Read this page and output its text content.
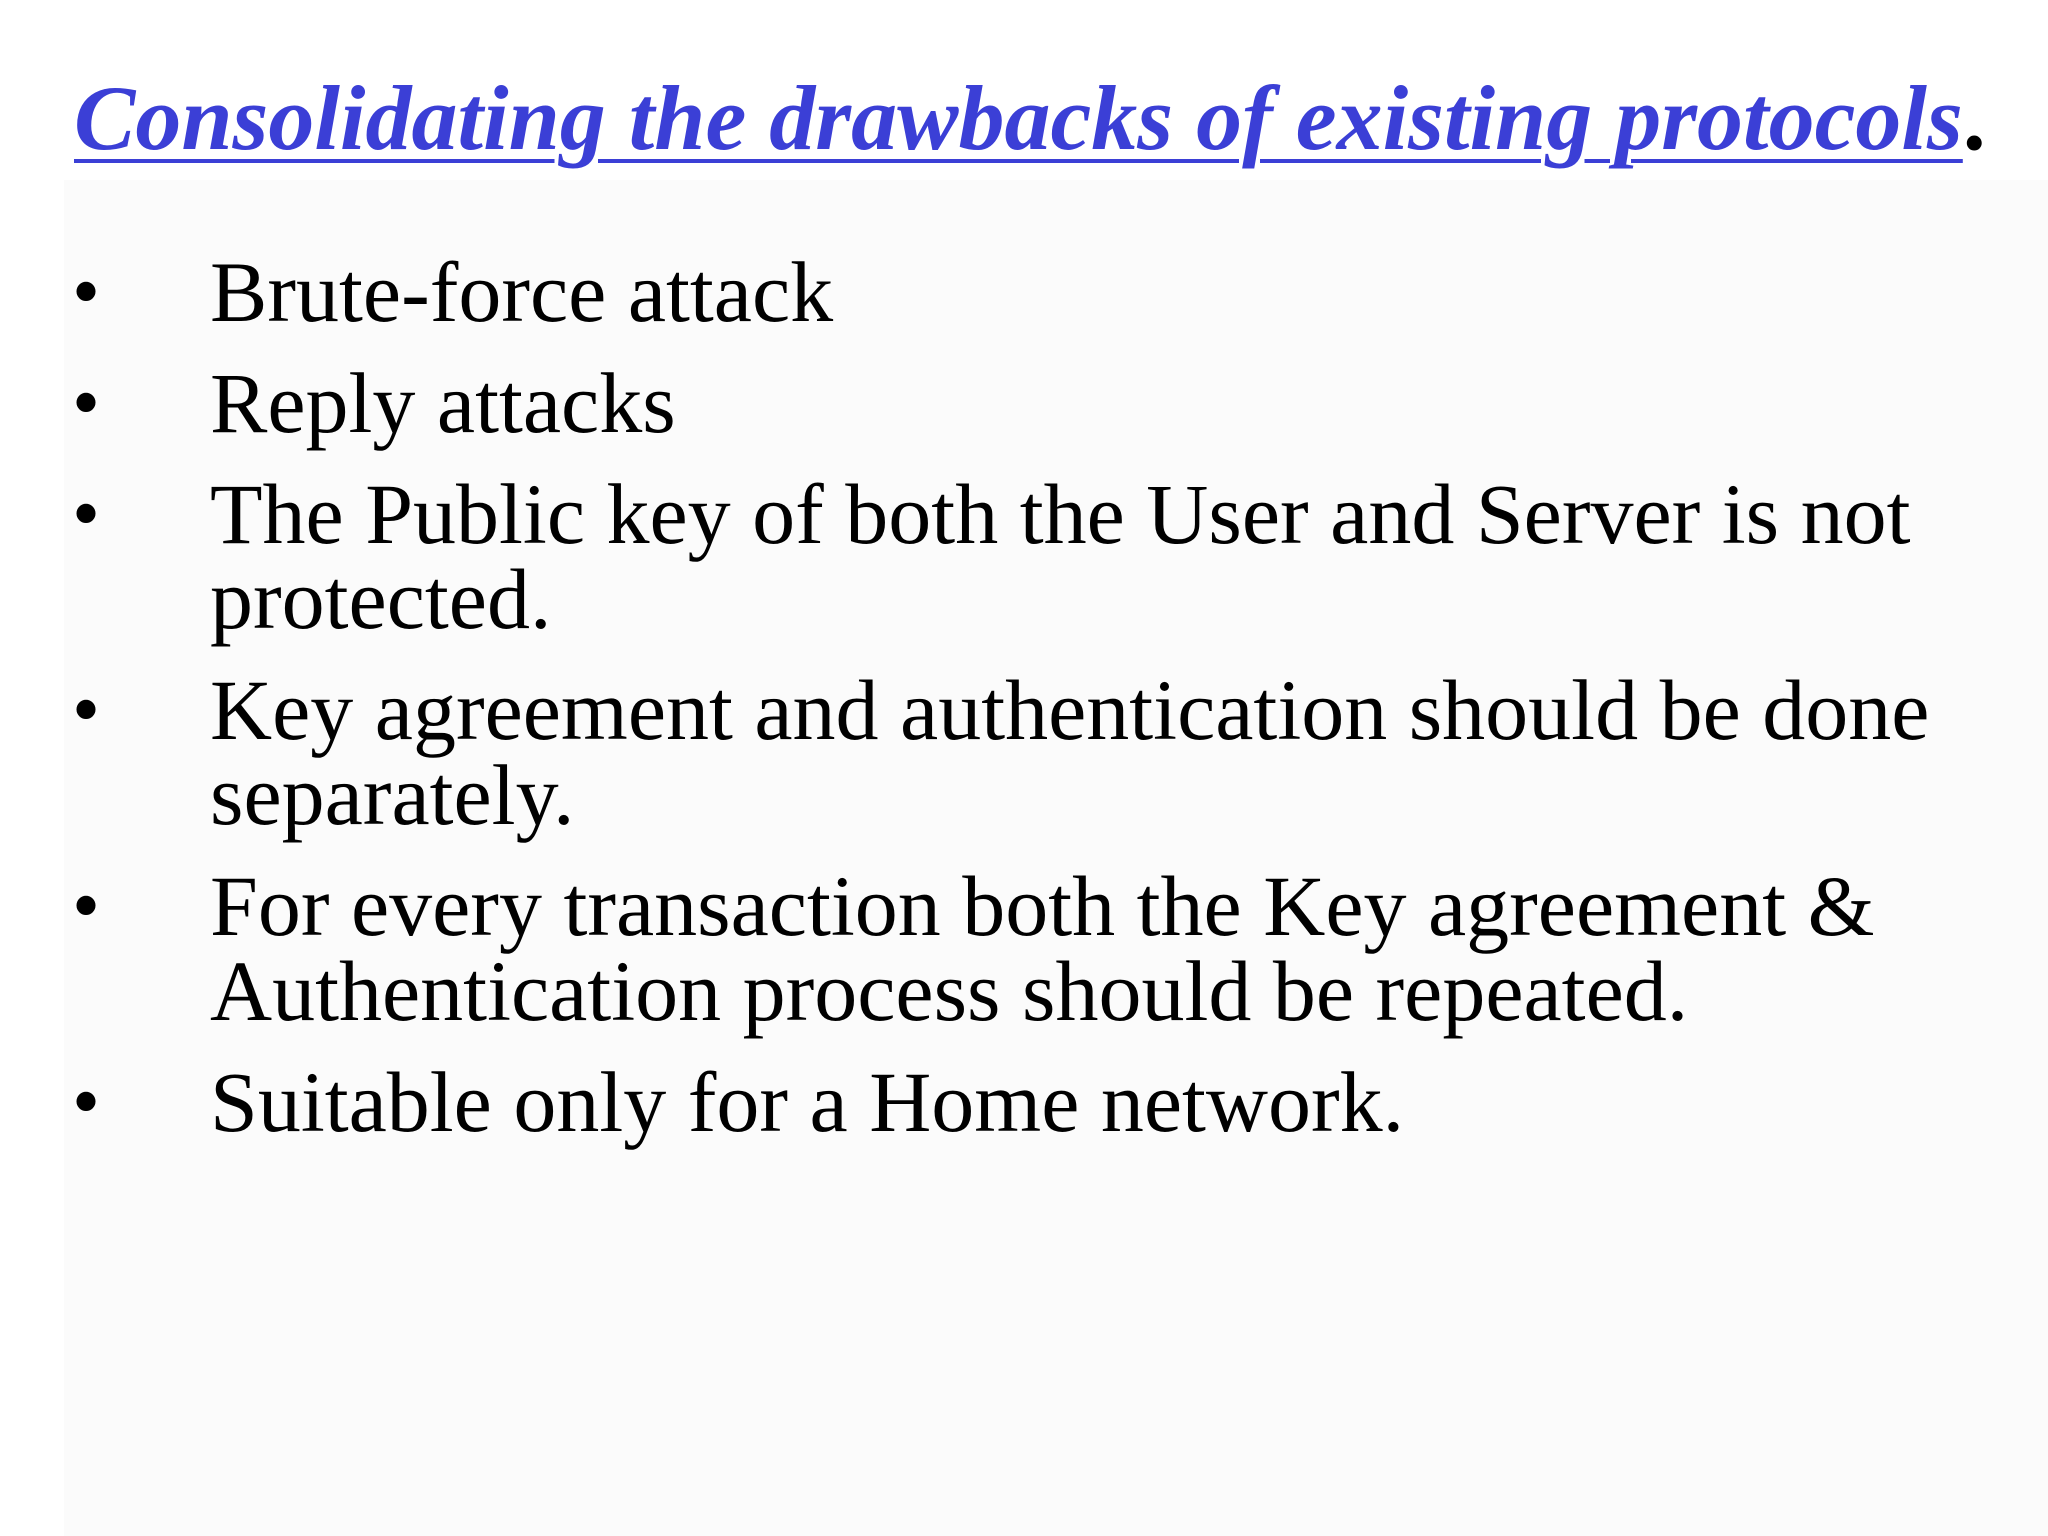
Consolidating the drawbacks of existing protocols.
• Brute-force attack
• Reply attacks
• The Public key of both the User and Server is not protected.
• Key agreement and authentication should be done separately.
• For every transaction both the Key agreement & Authentication process should be repeated.
• Suitable only for a Home network.
